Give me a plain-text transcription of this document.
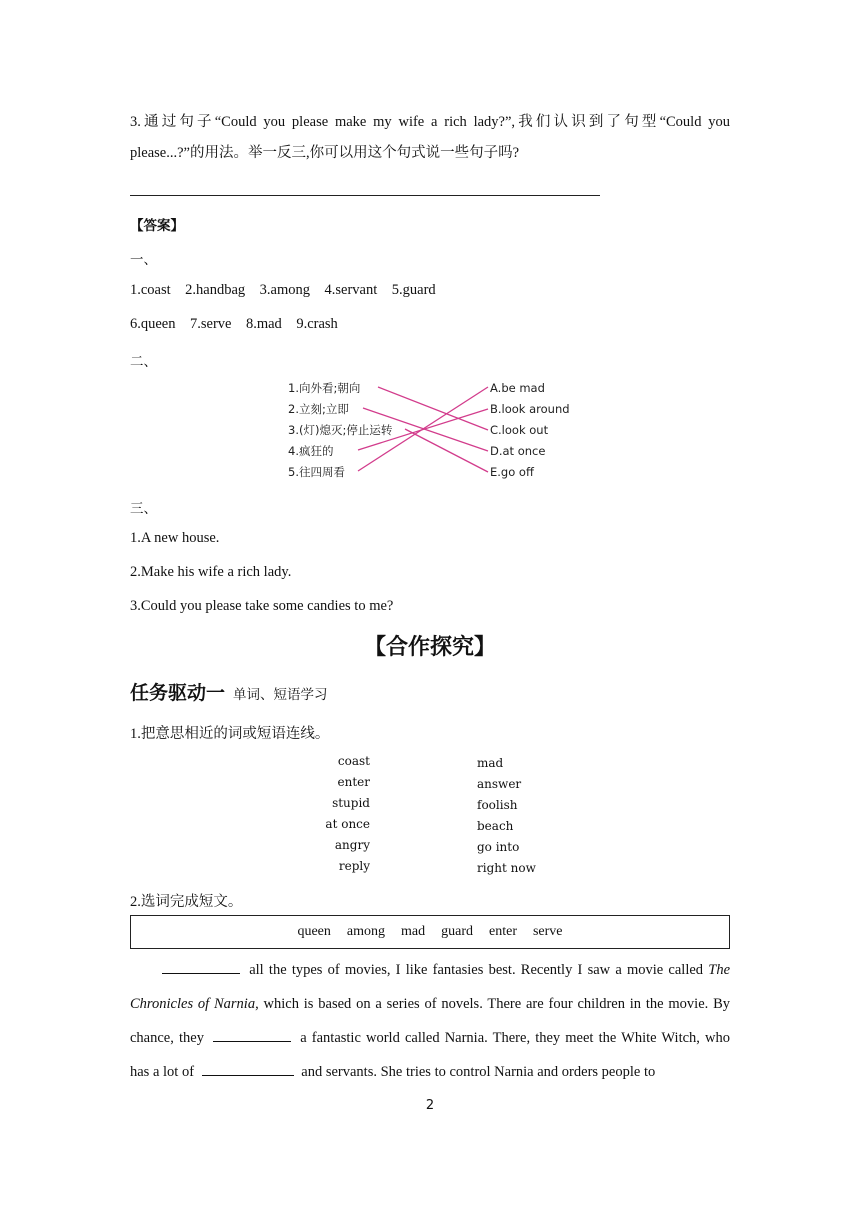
3.通过句子“Could you please make my wife a rich lady?”,我们认识到了句型“Could you
please...?”的用法。举一反三,你可以用这个句式说一些句子吗?
【答案】
一、
1.coast 2.handbag 3.among 4.servant 5.guard
6.queen 7.serve 8.mad 9.crash
二、
1.向外看;朝向
2.立刻;立即
3.(灯)熄灭;停止运转
4.疯狂的
5.往四周看
A.be mad
B.look around
C.look out
D.at once
E.go off
三、
1.A new house.
2.Make his wife a rich lady.
3.Could you please take some candies to me?
【合作探究】
任务驱动一 单词、短语学习
1.把意思相近的词或短语连线。
coast
enter
stupid
at once
angry
reply
mad
answer
foolish
beach
go into
right now
2.选词完成短文。
queen among mad guard enter serve
all the types of movies, I like fantasies best. Recently I saw a movie called The Chronicles of Narnia, which is based on a series of novels. There are four children in the movie. By chance, they	a fantastic world called Narnia. There, they meet the White Witch, who has a lot of	and servants. She tries to control Narnia and orders people to
2
